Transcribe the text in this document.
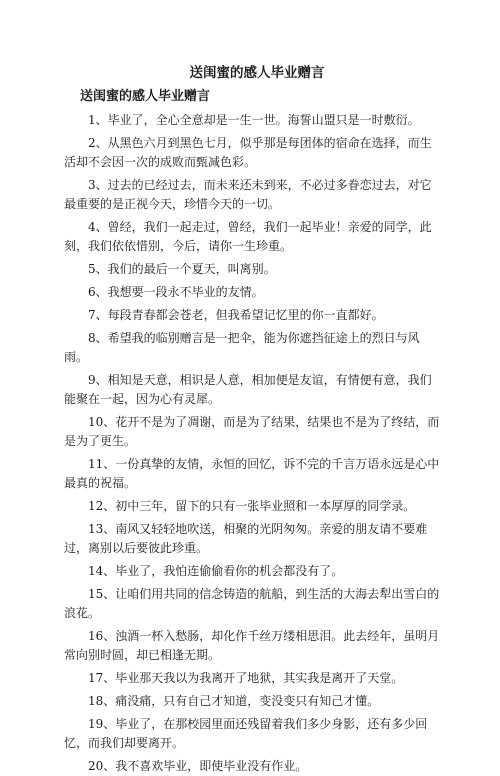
送闺蜜的感人毕业赠言
送闺蜜的感人毕业赠言
1、毕业了，全心全意却是一生一世。海誓山盟只是一时敷衍。
2、从黑色六月到黑色七月，似乎那是每团体的宿命在选择，而生活却不会因一次的成败而甄减色彩。
3、过去的已经过去，而未来还未到来，不必过多眷恋过去，对它最重要的是正视今天，珍惜今天的一切。
4、曾经，我们一起走过，曾经，我们一起毕业！亲爱的同学，此刻，我们依依惜别，今后，请你一生珍重。
5、我们的最后一个夏天，叫离别。
6、我想要一段永不毕业的友情。
7、每段青春都会苍老，但我希望记忆里的你一直都好。
8、希望我的临别赠言是一把伞，能为你遮挡征途上的烈日与风雨。
9、相知是天意，相识是人意，相加便是友谊，有情便有意，我们能聚在一起，因为心有灵犀。
10、花开不是为了凋谢，而是为了结果，结果也不是为了终结，而是为了更生。
11、一份真挚的友情，永恒的回忆，诉不完的千言万语永远是心中最真的祝福。
12、初中三年，留下的只有一张毕业照和一本厚厚的同学录。
13、南风又轻轻地吹送，相聚的光阴匆匆。亲爱的朋友请不要难过，离别以后要彼此珍重。
14、毕业了，我怕连偷偷看你的机会都没有了。
15、让咱们用共同的信念铸造的航船，到生活的大海去犁出雪白的浪花。
16、浊酒一杯入愁肠，却化作千丝万缕相思泪。此去经年，虽明月常向别时圆，却已相逢无期。
17、毕业那天我以为我离开了地狱，其实我是离开了天堂。
18、痛没痛，只有自己才知道，变没变只有知己才懂。
19、毕业了，在那校园里面还残留着我们多少身影，还有多少回忆，而我们却要离开。
20、我不喜欢毕业，即使毕业没有作业。
